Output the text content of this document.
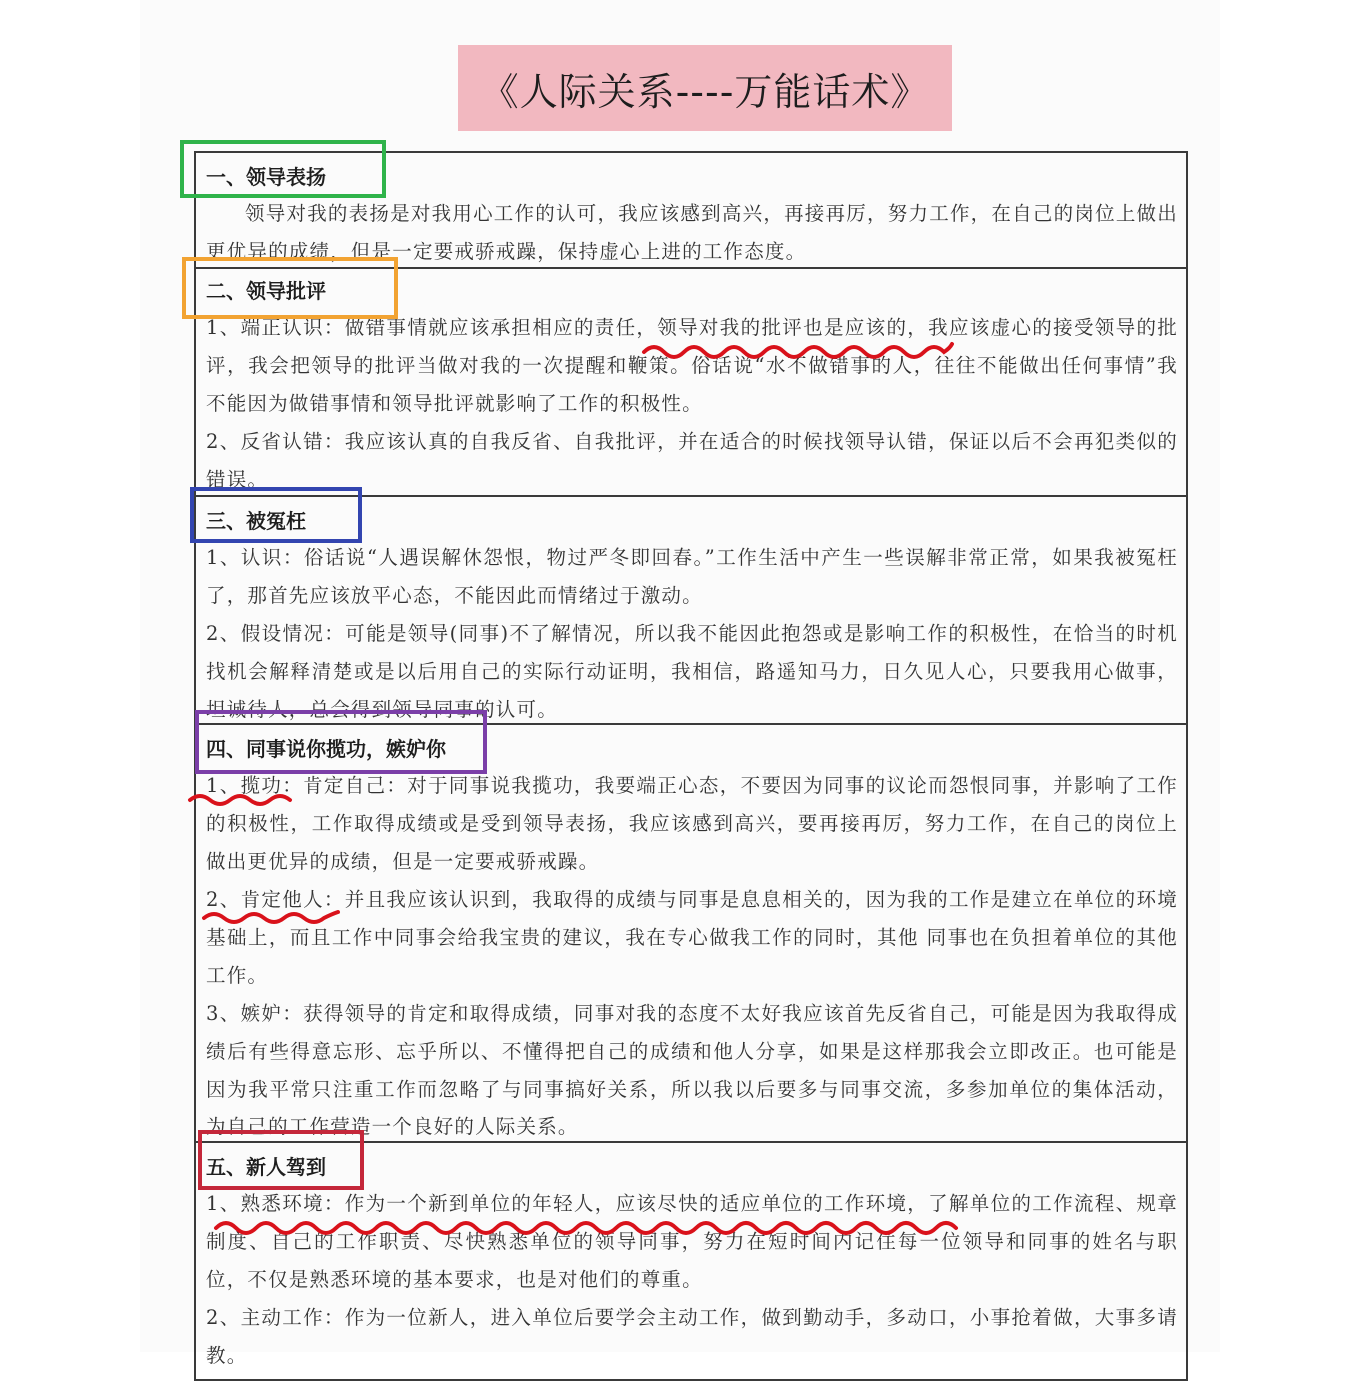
《人际关系----万能话术》
一、领导表扬
领导对我的表扬是对我用心工作的认可，我应该感到高兴，再接再厉，努力工作，在自己的岗位上做出更优异的成绩，但是一定要戒骄戒躁，保持虚心上进的工作态度。
二、领导批评
1、端正认识：做错事情就应该承担相应的责任，领导对我的批评也是应该的，我应该虚心的接受领导的批评，我会把领导的批评当做对我的一次提醒和鞭策。俗话说“水不做错事的人，往往不能做出任何事情”我不能因为做错事情和领导批评就影响了工作的积极性。
2、反省认错：我应该认真的自我反省、自我批评，并在适合的时候找领导认错，保证以后不会再犯类似的错误。
三、被冤枉
1、认识：俗话说“人遇误解休怨恨，物过严冬即回春。”工作生活中产生一些误解非常正常，如果我被冤枉了，那首先应该放平心态，不能因此而情绪过于激动。
2、假设情况：可能是领导(同事)不了解情况，所以我不能因此抱怨或是影响工作的积极性，在恰当的时机找机会解释清楚或是以后用自己的实际行动证明，我相信，路遥知马力，日久见人心，只要我用心做事，坦诚待人，总会得到领导同事的认可。
四、同事说你揽功，嫉妒你
1、揽功：肯定自己：对于同事说我揽功，我要端正心态，不要因为同事的议论而怨恨同事，并影响了工作的积极性，工作取得成绩或是受到领导表扬，我应该感到高兴，要再接再厉，努力工作，在自己的岗位上做出更优异的成绩，但是一定要戒骄戒躁。
2、肯定他人：并且我应该认识到，我取得的成绩与同事是息息相关的，因为我的工作是建立在单位的环境基础上，而且工作中同事会给我宝贵的建议，我在专心做我工作的同时，其他 同事也在负担着单位的其他工作。
3、嫉妒：获得领导的肯定和取得成绩，同事对我的态度不太好我应该首先反省自己，可能是因为我取得成绩后有些得意忘形、忘乎所以、不懂得把自己的成绩和他人分享，如果是这样那我会立即改正。也可能是因为我平常只注重工作而忽略了与同事搞好关系，所以我以后要多与同事交流，多参加单位的集体活动，为自己的工作营造一个良好的人际关系。
五、新人驾到
1、熟悉环境：作为一个新到单位的年轻人，应该尽快的适应单位的工作环境，了解单位的工作流程、规章制度、自己的工作职责、尽快熟悉单位的领导同事，努力在短时间内记住每一位领导和同事的姓名与职位，不仅是熟悉环境的基本要求，也是对他们的尊重。
2、主动工作：作为一位新人，进入单位后要学会主动工作，做到勤动手，多动口，小事抢着做，大事多请教。
